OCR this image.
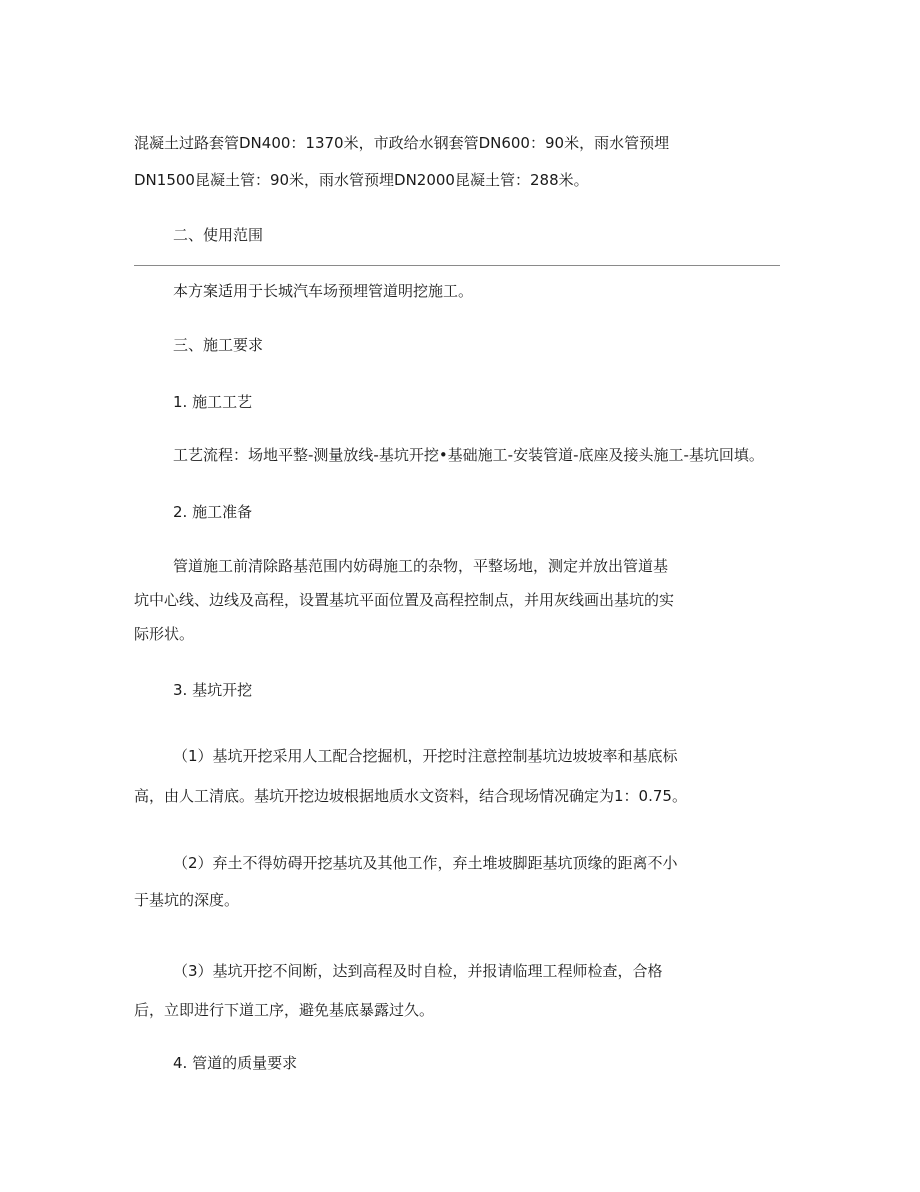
混凝土过路套管DN400：1370米，市政给水钢套管DN600：90米，雨水管预埋
DN1500昆凝土管：90米，雨水管预埋DN2000昆凝土管：288米。
二、使用范围
本方案适用于长城汽车场预埋管道明挖施工。
三、施工要求
1. 施工工艺
工艺流程：场地平整-测量放线-基坑开挖•基础施工-安装管道-底座及接头施工-基坑回填。
2. 施工准备
管道施工前清除路基范围内妨碍施工的杂物，平整场地，测定并放出管道基
坑中心线、边线及高程，设置基坑平面位置及高程控制点，并用灰线画出基坑的实
际形状。
3. 基坑开挖
（1）基坑开挖采用人工配合挖掘机，开挖时注意控制基坑边坡坡率和基底标
高，由人工清底。基坑开挖边坡根据地质水文资料，结合现场情况确定为1：0.75。
（2）弃土不得妨碍开挖基坑及其他工作，弃土堆坡脚距基坑顶缘的距离不小
于基坑的深度。
（3）基坑开挖不间断，达到高程及时自检，并报请临理工程师检查，合格
后，立即进行下道工序，避免基底暴露过久。
4. 管道的质量要求
